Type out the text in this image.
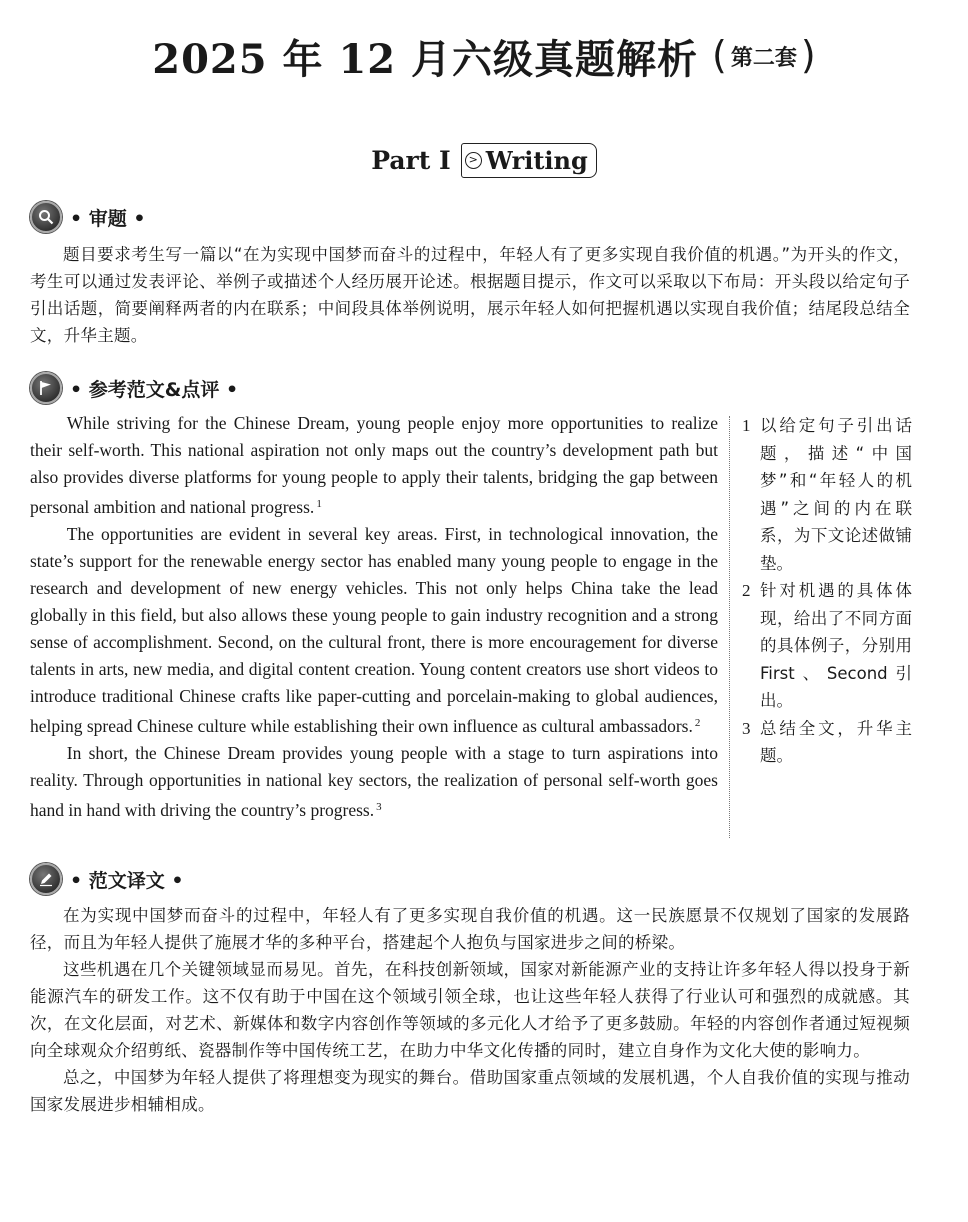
2025 年 12 月六级真题解析 ( 第二套 )
Part I	> Writing
• 审题 •

题目要求考生写一篇以“在为实现中国梦而奋斗的过程中，年轻人有了更多实现自我价值的机遇。”为开头的作文，考生可以通过发表评论、举例子或描述个人经历展开论述。根据题目提示，作文可以采取以下布局：开头段以给定句子引出话题，简要阐释两者的内在联系；中间段具体举例说明，展示年轻人如何把握机遇以实现自我价值；结尾段总结全文，升华主题。

• 参考范文&点评 •

While striving for the Chinese Dream, young people enjoy more opportunities to realize their self-worth. This national aspiration not only maps out the country’s development path but also provides diverse platforms for young people to apply their talents, bridging the gap between personal ambition and national progress. $^1$

The opportunities are evident in several key areas. First, in technological innovation, the state’s support for the renewable energy sector has enabled many young people to engage in the research and development of new energy vehicles. This not only helps China take the lead globally in this field, but also allows these young people to gain industry recognition and a strong sense of accomplishment. Second, on the cultural front, there is more encouragement for diverse talents in arts, new media, and digital content creation. Young content creators use short videos to introduce traditional Chinese crafts like paper-cutting and porcelain-making to global audiences, helping spread Chinese culture while establishing their own influence as cultural ambassadors. $^2$

In short, the Chinese Dream provides young people with a stage to turn aspirations into reality. Through opportunities in national key sectors, the realization of personal self-worth goes hand in hand with driving the country’s progress. $^3$

1 以给定句子引出话题，描述“中国梦”和“年轻人的机遇”之间的内在联系，为下文论述做铺垫。
2 针对机遇的具体体现，给出了不同方面的具体例子，分别用First、Second引出。
3 总结全文，升华主题。
• 范文译文 •

在为实现中国梦而奋斗的过程中，年轻人有了更多实现自我价值的机遇。这一民族愿景不仅规划了国家的发展路径，而且为年轻人提供了施展才华的多种平台，搭建起个人抱负与国家进步之间的桥梁。

这些机遇在几个关键领域显而易见。首先，在科技创新领域，国家对新能源产业的支持让许多年轻人得以投身于新能源汽车的研发工作。这不仅有助于中国在这个领域引领全球，也让这些年轻人获得了行业认可和强烈的成就感。其次，在文化层面，对艺术、新媒体和数字内容创作等领域的多元化人才给予了更多鼓励。年轻的内容创作者通过短视频向全球观众介绍剪纸、瓷器制作等中国传统工艺，在助力中华文化传播的同时，建立自身作为文化大使的影响力。

总之，中国梦为年轻人提供了将理想变为现实的舞台。借助国家重点领域的发展机遇，个人自我价值的实现与推动国家发展进步相辅相成。
